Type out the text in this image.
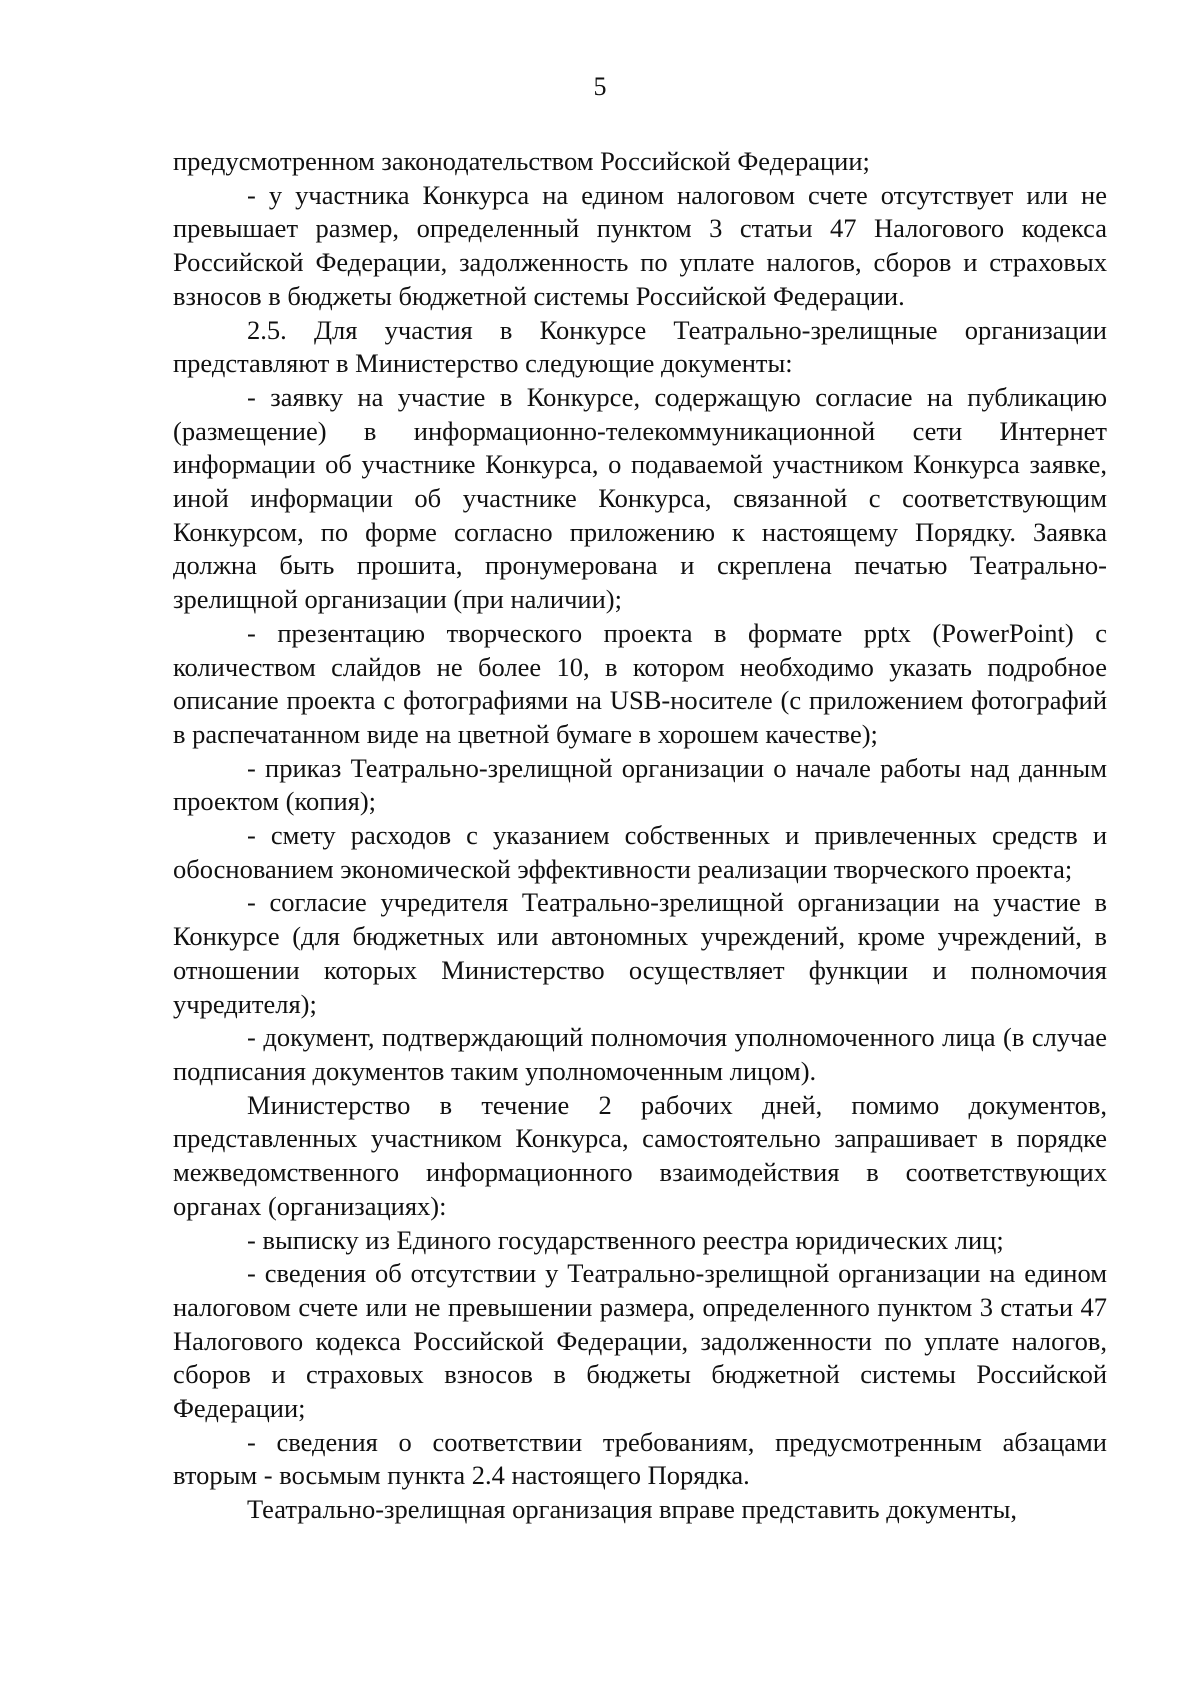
5

предусмотренном законодательством Российской Федерации;

- у участника Конкурса на едином налоговом счете отсутствует или не превышает размер, определенный пунктом 3 статьи 47 Налогового кодекса Российской Федерации, задолженность по уплате налогов, сборов и страховых взносов в бюджеты бюджетной системы Российской Федерации.

2.5. Для участия в Конкурсе Театрально-зрелищные организации представляют в Министерство следующие документы:

- заявку на участие в Конкурсе, содержащую согласие на публикацию (размещение) в информационно-телекоммуникационной сети Интернет информации об участнике Конкурса, о подаваемой участником Конкурса заявке, иной информации об участнике Конкурса, связанной с соответствующим Конкурсом, по форме согласно приложению к настоящему Порядку. Заявка должна быть прошита, пронумерована и скреплена печатью Театрально-зрелищной организации (при наличии);

- презентацию творческого проекта в формате pptx (PowerPoint) с количеством слайдов не более 10, в котором необходимо указать подробное описание проекта с фотографиями на USB-носителе (с приложением фотографий в распечатанном виде на цветной бумаге в хорошем качестве);

- приказ Театрально-зрелищной организации о начале работы над данным проектом (копия);

- смету расходов с указанием собственных и привлеченных средств и обоснованием экономической эффективности реализации творческого проекта;

- согласие учредителя Театрально-зрелищной организации на участие в Конкурсе (для бюджетных или автономных учреждений, кроме учреждений, в отношении которых Министерство осуществляет функции и полномочия учредителя);

- документ, подтверждающий полномочия уполномоченного лица (в случае подписания документов таким уполномоченным лицом).

Министерство в течение 2 рабочих дней, помимо документов, представленных участником Конкурса, самостоятельно запрашивает в порядке межведомственного информационного взаимодействия в соответствующих органах (организациях):

- выписку из Единого государственного реестра юридических лиц;

- сведения об отсутствии у Театрально-зрелищной организации на едином налоговом счете или не превышении размера, определенного пунктом 3 статьи 47 Налогового кодекса Российской Федерации, задолженности по уплате налогов, сборов и страховых взносов в бюджеты бюджетной системы Российской Федерации;

- сведения о соответствии требованиям, предусмотренным абзацами вторым - восьмым пункта 2.4 настоящего Порядка.

Театрально-зрелищная организация вправе представить документы,
